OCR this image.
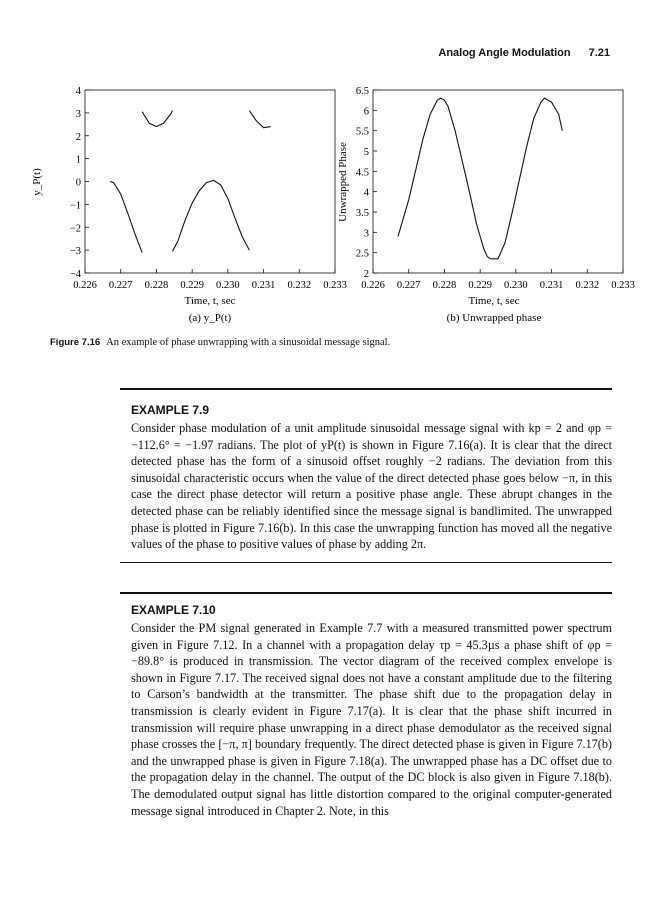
Analog Angle Modulation 7.21
−4
−3
−2
−1
0
1
2
3
4
0.226 0.227 0.228 0.229 0.230 0.231 0.232 0.233
Time, t, sec
(a) y_P(t)
y_P(t)
2
2.5
3
3.5
4
4.5
5
5.5
6
6.5
0.226 0.227 0.228 0.229 0.230 0.231 0.232 0.233
Time, t, sec
(b) Unwrapped phase
Unwrapped Phase
Figure 7.16 An example of phase unwrapping with a sinusoidal message signal.
EXAMPLE 7.9
Consider phase modulation of a unit amplitude sinusoidal message signal with kp = 2 and φp = −112.6° = −1.97 radians. The plot of yP(t) is shown in Figure 7.16(a). It is clear that the direct detected phase has the form of a sinusoid offset roughly −2 radians. The deviation from this sinusoidal characteristic occurs when the value of the direct detected phase goes below −π, in this case the direct phase detector will return a positive phase angle. These abrupt changes in the detected phase can be reliably identified since the message signal is bandlimited. The unwrapped phase is plotted in Figure 7.16(b). In this case the unwrapping function has moved all the negative values of the phase to positive values of phase by adding 2π.
EXAMPLE 7.10
Consider the PM signal generated in Example 7.7 with a measured transmitted power spectrum given in Figure 7.12. In a channel with a propagation delay τp = 45.3µs a phase shift of φp = −89.8° is produced in transmission. The vector diagram of the received complex envelope is shown in Figure 7.17. The received signal does not have a constant amplitude due to the filtering to Carson’s bandwidth at the transmitter. The phase shift due to the propagation delay in transmission is clearly evident in Figure 7.17(a). It is clear that the phase shift incurred in transmission will require phase unwrapping in a direct phase demodulator as the received signal phase crosses the [−π, π] boundary frequently. The direct detected phase is given in Figure 7.17(b) and the unwrapped phase is given in Figure 7.18(a). The unwrapped phase has a DC offset due to the propagation delay in the channel. The output of the DC block is also given in Figure 7.18(b). The demodulated output signal has little distortion compared to the original computer-generated message signal introduced in Chapter 2. Note, in this
